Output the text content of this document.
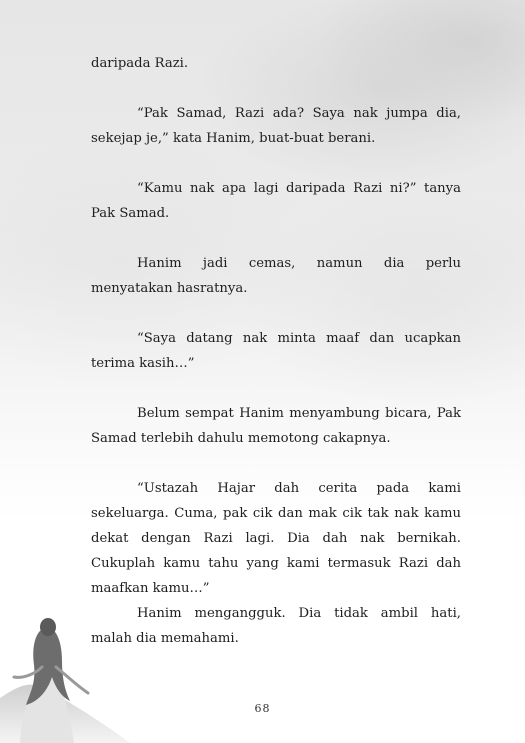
daripada Razi.

“Pak Samad, Razi ada? Saya nak jumpa dia, sekejap je,” kata Hanim, buat-buat berani.

“Kamu nak apa lagi daripada Razi ni?” tanya Pak Samad.

Hanim jadi cemas, namun dia perlu menyatakan hasratnya.

“Saya datang nak minta maaf dan ucapkan terima kasih…”

Belum sempat Hanim menyambung bicara, Pak Samad terlebih dahulu memotong cakapnya.

“Ustazah Hajar dah cerita pada kami sekeluarga. Cuma, pak cik dan mak cik tak nak kamu dekat dengan Razi lagi. Dia dah nak bernikah. Cukuplah kamu tahu yang kami termasuk Razi dah maafkan kamu…”

Hanim mengangguk. Dia tidak ambil hati, malah dia memahami.

68
